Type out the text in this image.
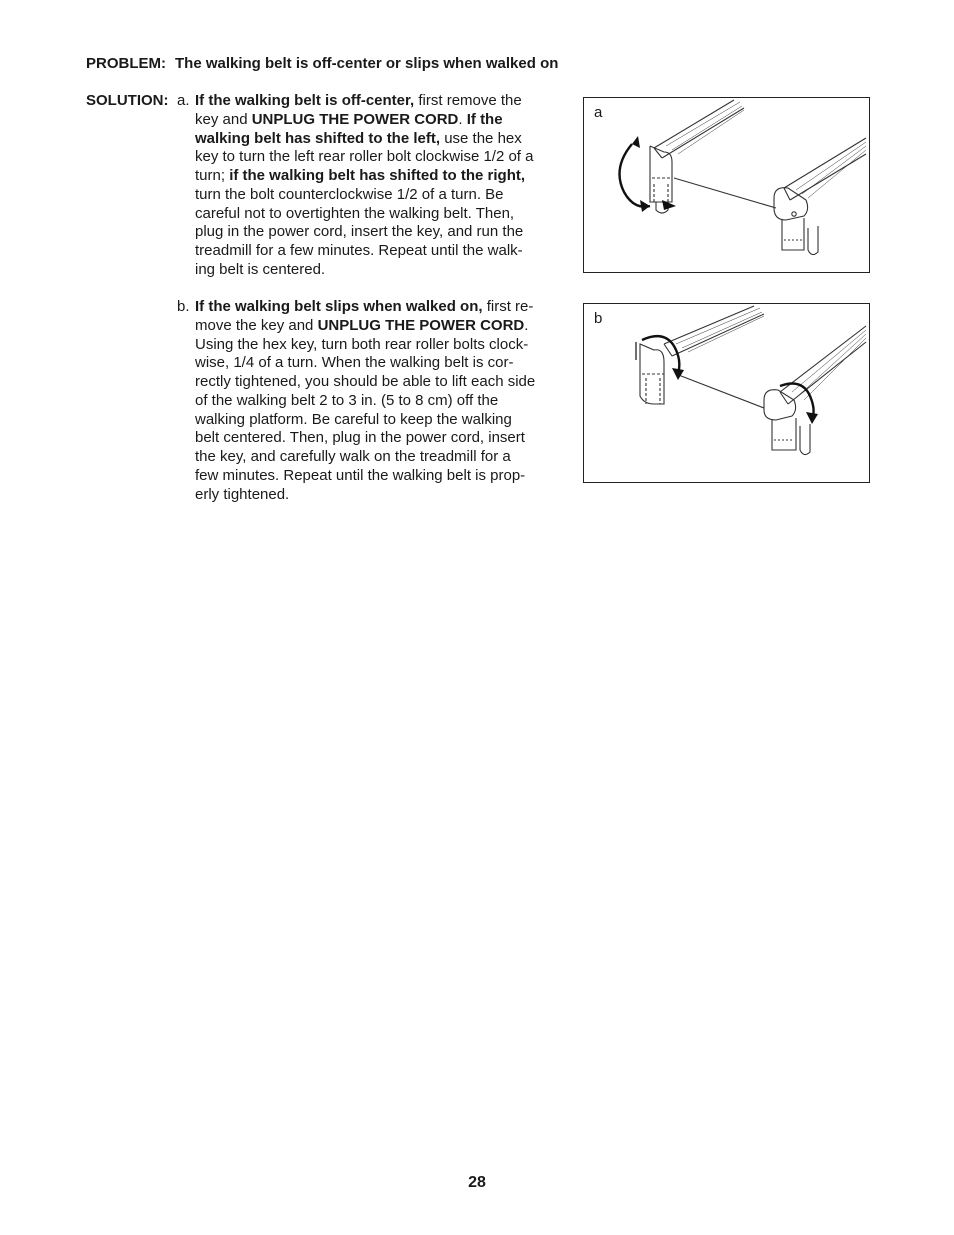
PROBLEM: The walking belt is off-center or slips when walked on
SOLUTION: a. If the walking belt is off-center, first remove the
key and UNPLUG THE POWER CORD. If the
walking belt has shifted to the left, use the hex
key to turn the left rear roller bolt clockwise 1/2 of a
turn; if the walking belt has shifted to the right,
turn the bolt counterclockwise 1/2 of a turn. Be
careful not to overtighten the walking belt. Then,
plug in the power cord, insert the key, and run the
treadmill for a few minutes. Repeat until the walk-
ing belt is centered.
b. If the walking belt slips when walked on, first re-
move the key and UNPLUG THE POWER CORD.
Using the hex key, turn both rear roller bolts clock-
wise, 1/4 of a turn. When the walking belt is cor-
rectly tightened, you should be able to lift each side
of the walking belt 2 to 3 in. (5 to 8 cm) off the
walking platform. Be careful to keep the walking
belt centered. Then, plug in the power cord, insert
the key, and carefully walk on the treadmill for a
few minutes. Repeat until the walking belt is prop-
erly tightened.
a
b
28
